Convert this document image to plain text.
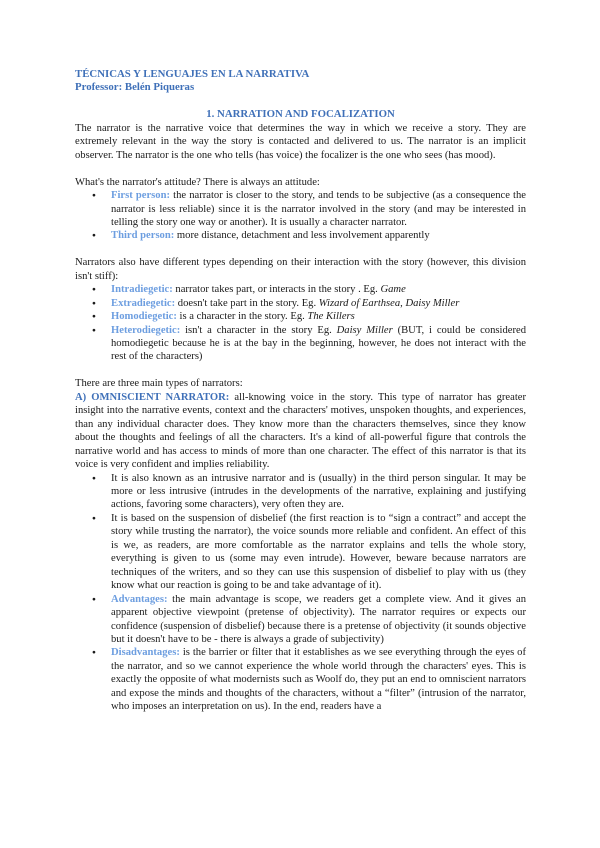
TÉCNICAS Y LENGUAJES EN LA NARRATIVA
Professor: Belén Piqueras
1. NARRATION AND FOCALIZATION

The narrator is the narrative voice that determines the way in which we receive a story. They are extremely relevant in the way the story is contacted and delivered to us. The narrator is an implicit observer. The narrator is the one who tells (has voice) the focalizer is the one who sees (has mood).

What's the narrator's attitude? There is always an attitude:

● First person: the narrator is closer to the story, and tends to be subjective (as a consequence the narrator is less reliable) since it is the narrator involved in the story (and may be interested in telling the story one way or another). It is usually a character narrator.
● Third person: more distance, detachment and less involvement apparently

Narrators also have different types depending on their interaction with the story (however, this division isn't stiff):

● Intradiegetic: narrator takes part, or interacts in the story . Eg. Game
● Extradiegetic: doesn't take part in the story. Eg. Wizard of Earthsea, Daisy Miller
● Homodiegetic: is a character in the story. Eg. The Killers
● Heterodiegetic: isn't a character in the story Eg. Daisy Miller (BUT, i could be considered homodiegetic because he is at the bay in the beginning, however, he does not interact with the rest of the characters)

There are three main types of narrators:

A) OMNISCIENT NARRATOR: all-knowing voice in the story. This type of narrator has greater insight into the narrative events, context and the characters' motives, unspoken thoughts, and experiences, than any individual character does. They know more than the characters themselves, since they know about the thoughts and feelings of all the characters. It's a kind of all-powerful figure that controls the narrative world and has access to minds of more than one character. The effect of this narrator is that its voice is very confident and implies reliability.

● It is also known as an intrusive narrator and is (usually) in the third person singular. It may be more or less intrusive (intrudes in the developments of the narrative, explaining and justifying actions, favoring some characters), very often they are.
● It is based on the suspension of disbelief (the first reaction is to “sign a contract” and accept the story while trusting the narrator), the voice sounds more reliable and confident. An effect of this is we, as readers, are more comfortable as the narrator explains and tells the whole story, everything is given to us (some may even intrude). However, beware because narrators are techniques of the writers, and so they can use this suspension of disbelief to play with us (they know what our reaction is going to be and take advantage of it).
● Advantages: the main advantage is scope, we readers get a complete view. And it gives an apparent objective viewpoint (pretense of objectivity). The narrator requires or expects our confidence (suspension of disbelief) because there is a pretense of objectivity (it sounds objective but it doesn't have to be - there is always a grade of subjectivity)
● Disadvantages: is the barrier or filter that it establishes as we see everything through the eyes of the narrator, and so we cannot experience the whole world through the characters' eyes. This is exactly the opposite of what modernists such as Woolf do, they put an end to omniscient narrators and expose the minds and thoughts of the characters, without a “filter” (intrusion of the narrator, who imposes an interpretation on us). In the end, readers have a
